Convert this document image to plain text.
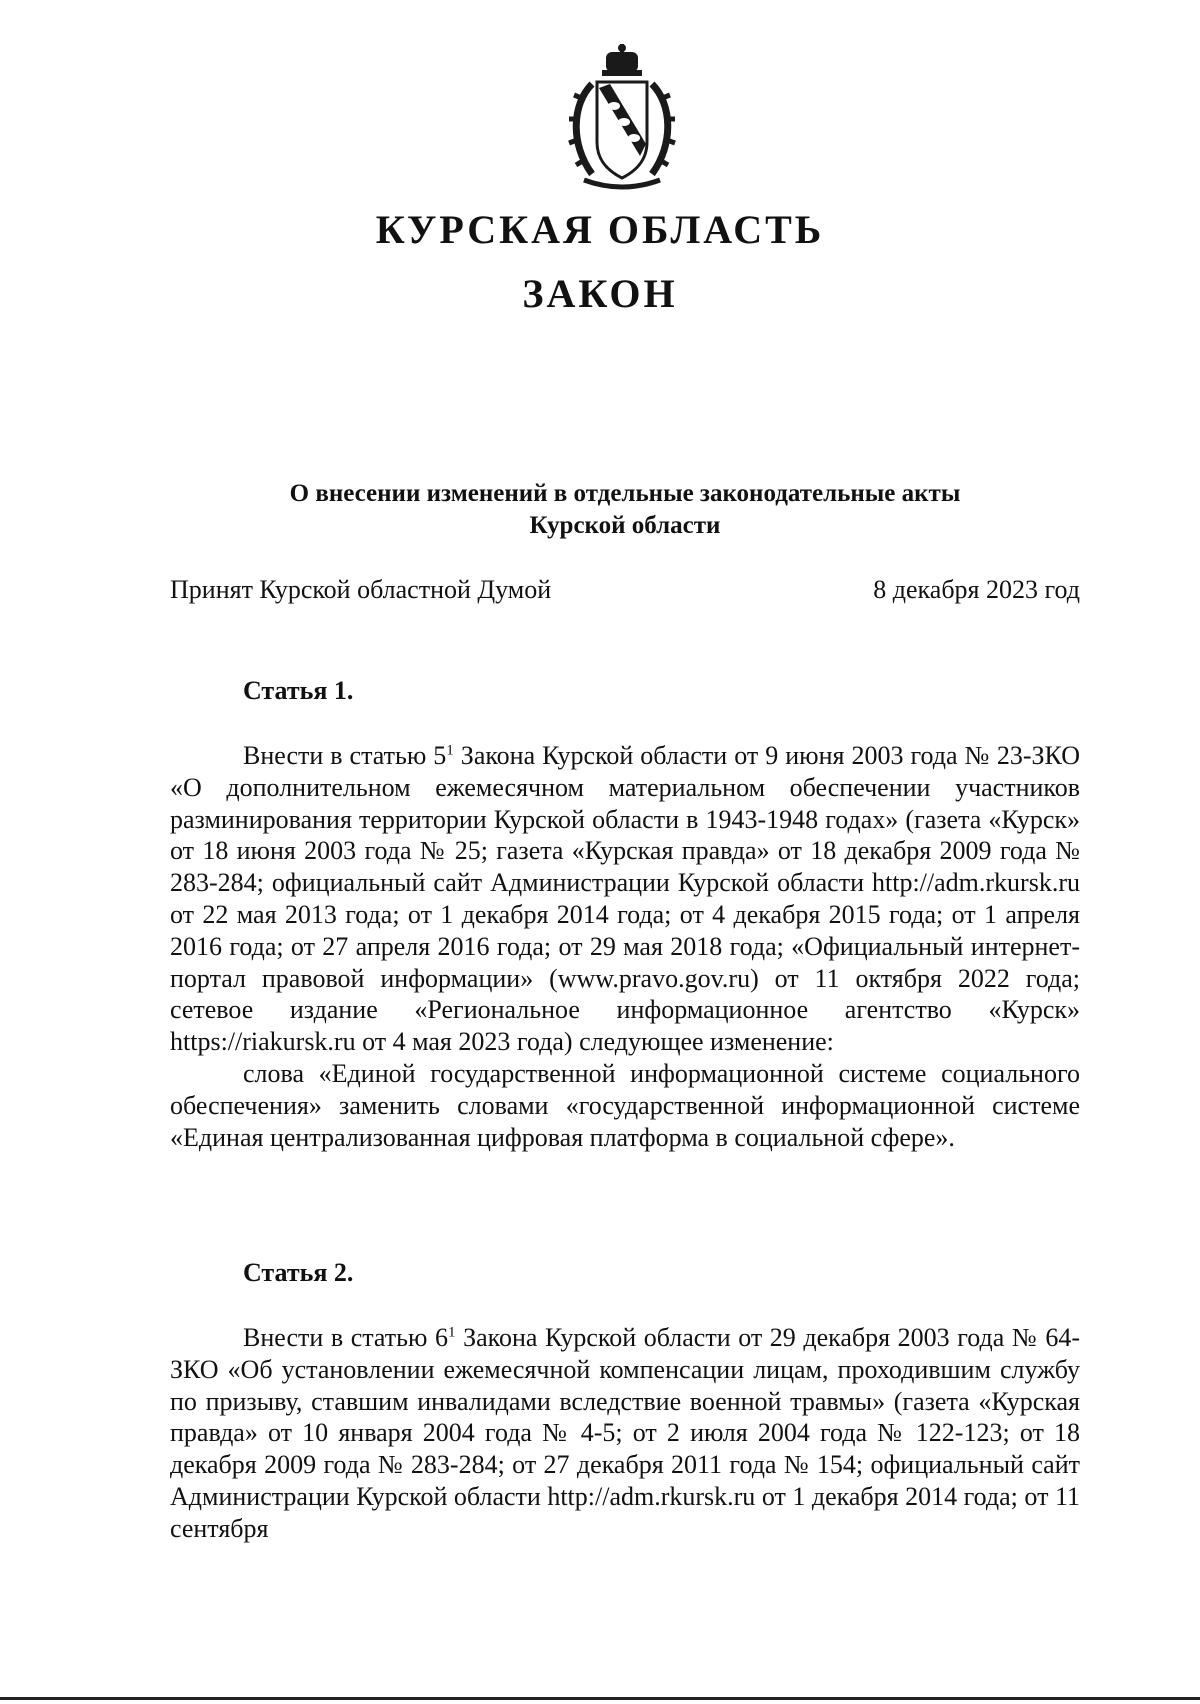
КУРСКАЯ ОБЛАСТЬ
ЗАКОН
О внесении изменений в отдельные законодательные акты
Курской области
Принят Курской областной Думой	8 декабря 2023 год
Статья 1.

Внести в статью $5^1$ Закона Курской области от 9 июня 2003 года № 23-ЗКО «О дополнительном ежемесячном материальном обеспечении участников разминирования территории Курской области в 1943-1948 годах» (газета «Курск» от 18 июня 2003 года № 25; газета «Курская правда» от 18 декабря 2009 года № 283-284; официальный сайт Администрации Курской области http://adm.rkursk.ru от 22 мая 2013 года; от 1 декабря 2014 года; от 4 декабря 2015 года; от 1 апреля 2016 года; от 27 апреля 2016 года; от 29 мая 2018 года; «Официальный интернет-портал правовой информации» (www.pravo.gov.ru) от 11 октября 2022 года; сетевое издание «Региональное информационное агентство «Курск» https://riakursk.ru от 4 мая 2023 года) следующее изменение:

слова «Единой государственной информационной системе социального обеспечения» заменить словами «государственной информационной системе «Единая централизованная цифровая платформа в социальной сфере».

Статья 2.

Внести в статью $6^1$ Закона Курской области от 29 декабря 2003 года № 64-ЗКО «Об установлении ежемесячной компенсации лицам, проходившим службу по призыву, ставшим инвалидами вследствие военной травмы» (газета «Курская правда» от 10 января 2004 года № 4-5; от 2 июля 2004 года № 122-123; от 18 декабря 2009 года № 283-284; от 27 декабря 2011 года № 154; официальный сайт Администрации Курской области http://adm.rkursk.ru от 1 декабря 2014 года; от 11 сентября
